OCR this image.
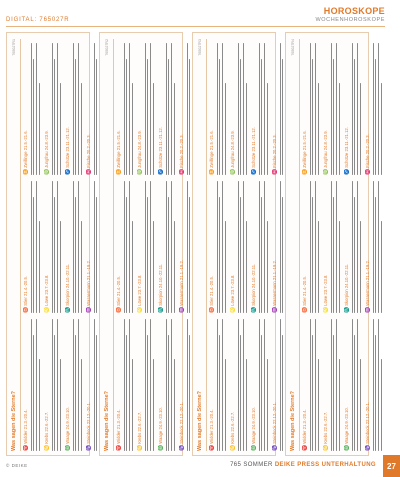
DIGITAL: 765027R
HOROSKOPE
WOCHENHOROSKOPE
Was sagen die Sterne?
765027R1
♈Widder 21.3.-20.4.
♉Stier 21.4.-20.5.
♊Zwillinge 21.5.-21.6.
♋Krebs 22.6.-22.7.
♌Löwe 23.7.-23.8.
♍Jungfrau 24.8.-23.9.
♎Waage 24.9.-23.10.
♏Skorpion 24.10.-22.11.
♐Schütze 23.11.-21.12.
♑Steinbock 22.12.-20.1.
♒Wassermann 21.1.-19.2.
♓Fische 20.2.-20.3.
Was sagen die Sterne?
765027R2
♈Widder 21.3.-20.4.
♉Stier 21.4.-20.5.
♊Zwillinge 21.5.-21.6.
♋Krebs 22.6.-22.7.
♌Löwe 23.7.-23.8.
♍Jungfrau 24.8.-23.9.
♎Waage 24.9.-23.10.
♏Skorpion 24.10.-22.11.
♐Schütze 23.11.-21.12.
♑Steinbock 22.12.-20.1.
♒Wassermann 21.1.-19.2.
♓Fische 20.2.-20.3.
Was sagen die Sterne?
765027R3
♈Widder 21.3.-20.4.
♉Stier 21.4.-20.5.
♊Zwillinge 21.5.-21.6.
♋Krebs 22.6.-22.7.
♌Löwe 23.7.-23.8.
♍Jungfrau 24.8.-23.9.
♎Waage 24.9.-23.10.
♏Skorpion 24.10.-22.11.
♐Schütze 23.11.-21.12.
♑Steinbock 22.12.-20.1.
♒Wassermann 21.1.-19.2.
♓Fische 20.2.-20.3.
Was sagen die Sterne?
765027R4
♈Widder 21.3.-20.4.
♉Stier 21.4.-20.5.
♊Zwillinge 21.5.-21.6.
♋Krebs 22.6.-22.7.
♌Löwe 23.7.-23.8.
♍Jungfrau 24.8.-23.9.
♎Waage 24.9.-23.10.
♏Skorpion 24.10.-22.11.
♐Schütze 23.11.-21.12.
♑Steinbock 22.12.-20.1.
♒Wassermann 21.1.-19.2.
♓Fische 20.2.-20.3.
© DEIKE	765 SOMMER DEIKE PRESS UNTERHALTUNG	27
